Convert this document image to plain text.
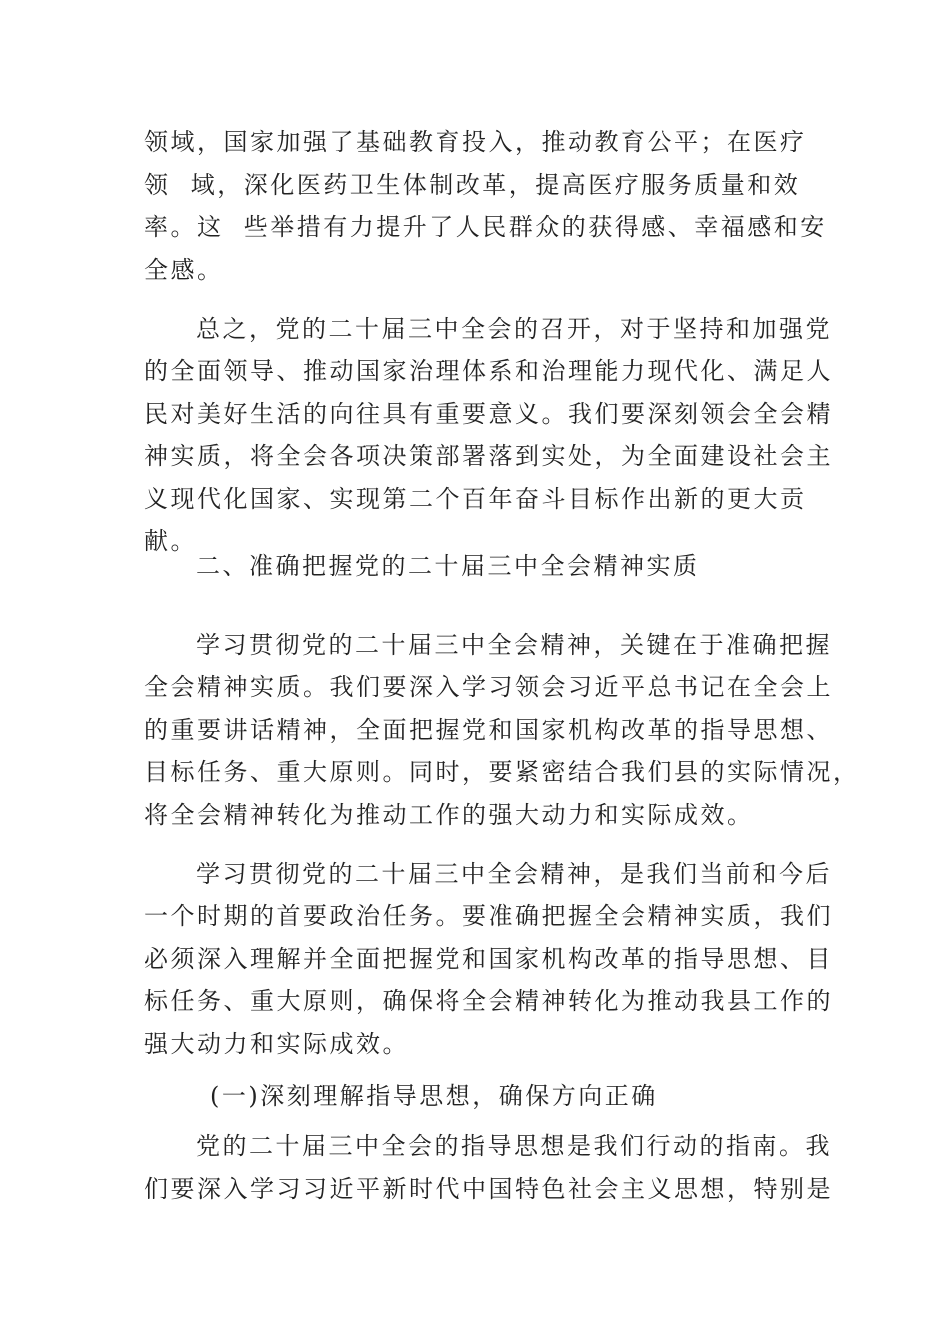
领域，国家加强了基础教育投入，推动教育公平；在医疗
领  域，深化医药卫生体制改革，提高医疗服务质量和效
率。这  些举措有力提升了人民群众的获得感、幸福感和安
全感。
总之，党的二十届三中全会的召开，对于坚持和加强党
的全面领导、推动国家治理体系和治理能力现代化、满足人
民对美好生活的向往具有重要意义。我们要深刻领会全会精
神实质，将全会各项决策部署落到实处，为全面建设社会主
义现代化国家、实现第二个百年奋斗目标作出新的更大贡
献。
二、准确把握党的二十届三中全会精神实质
学习贯彻党的二十届三中全会精神，关键在于准确把握
全会精神实质。我们要深入学习领会习近平总书记在全会上
的重要讲话精神，全面把握党和国家机构改革的指导思想、
目标任务、重大原则。同时，要紧密结合我们县的实际情况，
将全会精神转化为推动工作的强大动力和实际成效。
学习贯彻党的二十届三中全会精神，是我们当前和今后
一个时期的首要政治任务。要准确把握全会精神实质，我们
必须深入理解并全面把握党和国家机构改革的指导思想、目
标任务、重大原则，确保将全会精神转化为推动我县工作的
强大动力和实际成效。
(一)深刻理解指导思想，确保方向正确
党的二十届三中全会的指导思想是我们行动的指南。我
们要深入学习习近平新时代中国特色社会主义思想，特别是
